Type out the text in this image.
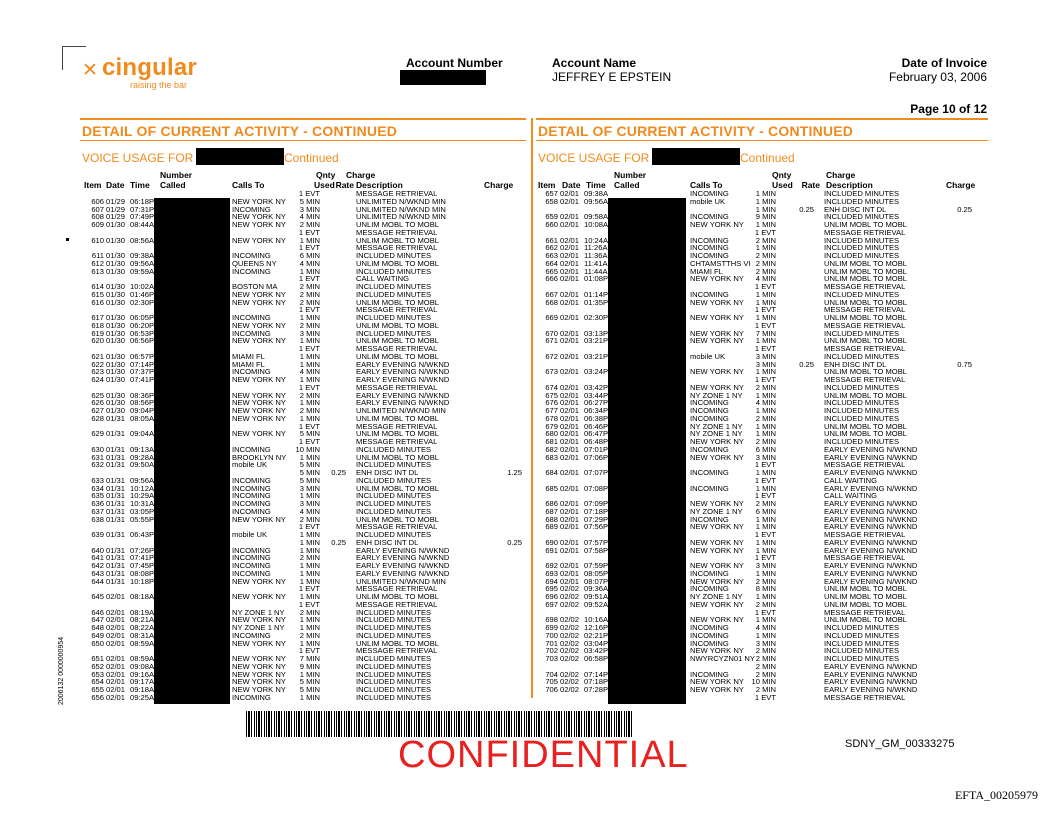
✕ cingular
raising the bar
Account Number	Account Name
JEFFREY E EPSTEIN
Date of Invoice
February 03, 2006
Page 10 of 12
DETAIL OF CURRENT ACTIVITY - CONTINUED
VOICE USAGE FOR	Continued
Number	Qnty Charge
Item Date Time Called	Calls To	Used Rate Description	Charge
DETAIL OF CURRENT ACTIVITY - CONTINUED
VOICE USAGE FOR	Continued
Number	Qnty	Charge
Item Date Time Called	Calls To	Used	Rate Description	Charge
1 EVT	MESSAGE RETRIEVAL
606 01/29 06:18P	NEW YORK NY	5 MIN	UNLIMITED N/WKND MIN
607 01/29 07:31P	INCOMING	3 MIN	UNLIMITED N/WKND MIN
608 01/29 07:49P	NEW YORK NY	4 MIN	UNLIMITED N/WKND MIN
609 01/30 08:44A	NEW YORK NY	2 MIN	UNLIM MOBL TO MOBL
1 EVT	MESSAGE RETRIEVAL
610 01/30 08:56A	NEW YORK NY	1 MIN	UNLIM MOBL TO MOBL
1 EVT	MESSAGE RETRIEVAL
611 01/30 09:38A	INCOMING	6 MIN	INCLUDED MINUTES
612 01/30 09:56A	QUEENS NY	4 MIN	UNLIM MOBL TO MOBL
613 01/30 09:59A	INCOMING	1 MIN	INCLUDED MINUTES
1 EVT	CALL WAITING
614 01/30 10:02A	BOSTON MA	2 MIN	INCLUDED MINUTES
615 01/30 01:46P	NEW YORK NY	2 MIN	INCLUDED MINUTES
616 01/30 02:30P	NEW YORK NY	2 MIN	UNLIM MOBL TO MOBL
1 EVT	MESSAGE RETRIEVAL
617 01/30 06:05P	INCOMING	1 MIN	INCLUDED MINUTES
618 01/30 06:20P	NEW YORK NY	2 MIN	UNLIM MOBL TO MOBL
619 01/30 06:53P	INCOMING	3 MIN	INCLUDED MINUTES
620 01/30 06:56P	NEW YORK NY	1 MIN	UNLIM MOBL TO MOBL
1 EVT	MESSAGE RETRIEVAL
621 01/30 06:57P	MIAMI FL	1 MIN	UNLIM MOBL TO MOBL
622 01/30 07:14P	MIAMI FL	1 MIN	EARLY EVENING N/WKND
623 01/30 07:37P	INCOMING	4 MIN	EARLY EVENING N/WKND
624 01/30 07:41P	NEW YORK NY	1 MIN	EARLY EVENING N/WKND
1 EVT	MESSAGE RETRIEVAL
625 01/30 08:36P	NEW YORK NY	2 MIN	EARLY EVENING N/WKND
626 01/30 08:56P	NEW YORK NY	1 MIN	EARLY EVENING N/WKND
627 01/30 09:04P	NEW YORK NY	2 MIN	UNLIMITED N/WKND MIN
628 01/31 08:05A	NEW YORK NY	1 MIN	UNLIM MOBL TO MOBL
1 EVT	MESSAGE RETRIEVAL
629 01/31 09:04A	NEW YORK NY	5 MIN	UNLIM MOBL TO MOBL
1 EVT	MESSAGE RETRIEVAL
630 01/31 09:13A	INCOMING	10 MIN	INCLUDED MINUTES
631 01/31 09:28A	BROOKLYN NY	1 MIN	UNLIM MOBL TO MOBL
632 01/31 09:50A	mobile UK	5 MIN	INCLUDED MINUTES
5 MIN	0.25 ENH DISC INT DL	1.25
633 01/31 09:56A	INCOMING	5 MIN	INCLUDED MINUTES
634 01/31 10:12A	INCOMING	3 MIN	UNLIM MOBL TO MOBL
635 01/31 10:29A	INCOMING	1 MIN	INCLUDED MINUTES
636 01/31 10:31A	INCOMING	3 MIN	INCLUDED MINUTES
637 01/31 03:05P	INCOMING	4 MIN	INCLUDED MINUTES
638 01/31 05:55P	NEW YORK NY	2 MIN	UNLIM MOBL TO MOBL
1 EVT	MESSAGE RETRIEVAL
639 01/31 06:43P	mobile UK	1 MIN	INCLUDED MINUTES
1 MIN	0.25 ENH DISC INT DL	0.25
640 01/31 07:26P	INCOMING	1 MIN	EARLY EVENING N/WKND
641 01/31 07:41P	INCOMING	2 MIN	EARLY EVENING N/WKND
642 01/31 07:45P	INCOMING	1 MIN	EARLY EVENING N/WKND
643 01/31 08:08P	INCOMING	1 MIN	EARLY EVENING N/WKND
644 01/31 10:18P	NEW YORK NY	1 MIN	UNLIMITED N/WKND MIN
1 EVT	MESSAGE RETRIEVAL
645 02/01 08:18A	NEW YORK NY	1 MIN	UNLIM MOBL TO MOBL
1 EVT	MESSAGE RETRIEVAL
646 02/01 08:19A	NY ZONE 1 NY	2 MIN	INCLUDED MINUTES
647 02/01 08:21A	NEW YORK NY	1 MIN	INCLUDED MINUTES
648 02/01 08:22A	NY ZONE 1 NY	1 MIN	INCLUDED MINUTES
649 02/01 08:31A	INCOMING	2 MIN	INCLUDED MINUTES
650 02/01 08:59A	NEW YORK NY	1 MIN	UNLIM MOBL TO MOBL
1 EVT	MESSAGE RETRIEVAL
651 02/01 08:59A	NEW YORK NY	7 MIN	INCLUDED MINUTES
652 02/01 09:08A	NEW YORK NY	9 MIN	INCLUDED MINUTES
653 02/01 09:16A	NEW YORK NY	1 MIN	INCLUDED MINUTES
654 02/01 09:17A	NEW YORK NY	5 MIN	INCLUDED MINUTES
655 02/01 09:18A	NEW YORK NY	5 MIN	INCLUDED MINUTES
656 02/01 09:25A	INCOMING	1 MIN	INCLUDED MINUTES
657 02/01 09:38A	INCOMING	1 MIN	INCLUDED MINUTES
658 02/01 09:56A	mobile UK	1 MIN	INCLUDED MINUTES
1 MIN	0.25 ENH DISC INT DL	0.25
659 02/01 09:58A	INCOMING	9 MIN	INCLUDED MINUTES
660 02/01 10:08A	NEW YORK NY	1 MIN	UNLIM MOBL TO MOBL
1 EVT	MESSAGE RETRIEVAL
661 02/01 10:24A	INCOMING	2 MIN	INCLUDED MINUTES
662 02/01 11:26A	INCOMING	1 MIN	INCLUDED MINUTES
663 02/01 11:36A	INCOMING	2 MIN	INCLUDED MINUTES
664 02/01 11:41A	CHTAMSTTHS VI 2 MIN	UNLIM MOBL TO MOBL
665 02/01 11:44A	MIAMI FL	2 MIN	UNLIM MOBL TO MOBL
666 02/01 01:08P	NEW YORK NY	4 MIN	UNLIM MOBL TO MOBL
1 EVT	MESSAGE RETRIEVAL
667 02/01 01:14P	INCOMING	1 MIN	INCLUDED MINUTES
668 02/01 01:35P	NEW YORK NY	1 MIN	UNLIM MOBL TO MOBL
1 EVT	MESSAGE RETRIEVAL
669 02/01 02:30P	NEW YORK NY	1 MIN	UNLIM MOBL TO MOBL
1 EVT	MESSAGE RETRIEVAL
670 02/01 03:13P	NEW YORK NY	7 MIN	INCLUDED MINUTES
671 02/01 03:21P	NEW YORK NY	1 MIN	UNLIM MOBL TO MOBL
1 EVT	MESSAGE RETRIEVAL
672 02/01 03:21P	mobile UK	3 MIN	INCLUDED MINUTES
3 MIN	0.25 ENH DISC INT DL	0.75
673 02/01 03:24P	NEW YORK NY	1 MIN	UNLIM MOBL TO MOBL
1 EVT	MESSAGE RETRIEVAL
674 02/01 03:42P	NEW YORK NY	2 MIN	INCLUDED MINUTES
675 02/01 03:44P	NY ZONE 1 NY	1 MIN	UNLIM MOBL TO MOBL
676 02/01 06:27P	INCOMING	4 MIN	INCLUDED MINUTES
677 02/01 06:34P	INCOMING	1 MIN	INCLUDED MINUTES
678 02/01 06:38P	INCOMING	2 MIN	INCLUDED MINUTES
679 02/01 06:46P	NY ZONE 1 NY	1 MIN	UNLIM MOBL TO MOBL
680 02/01 06:47P	NY ZONE 1 NY	1 MIN	UNLIM MOBL TO MOBL
681 02/01 06:48P	NEW YORK NY	2 MIN	INCLUDED MINUTES
682 02/01 07:01P	INCOMING	6 MIN	EARLY EVENING N/WKND
683 02/01 07:06P	NEW YORK NY	3 MIN	EARLY EVENING N/WKND
1 EVT	MESSAGE RETRIEVAL
684 02/01 07:07P	INCOMING	1 MIN	EARLY EVENING N/WKND
1 EVT	CALL WAITING
685 02/01 07:08P	INCOMING	1 MIN	EARLY EVENING N/WKND
1 EVT	CALL WAITING
686 02/01 07:09P	NEW YORK NY	2 MIN	EARLY EVENING N/WKND
687 02/01 07:18P	NY ZONE 1 NY	6 MIN	EARLY EVENING N/WKND
688 02/01 07:29P	INCOMING	1 MIN	EARLY EVENING N/WKND
689 02/01 07:56P	NEW YORK NY	1 MIN	EARLY EVENING N/WKND
1 EVT	MESSAGE RETRIEVAL
690 02/01 07:57P	NEW YORK NY	1 MIN	EARLY EVENING N/WKND
691 02/01 07:58P	NEW YORK NY	1 MIN	EARLY EVENING N/WKND
1 EVT	MESSAGE RETRIEVAL
692 02/01 07:59P	NEW YORK NY	3 MIN	EARLY EVENING N/WKND
693 02/01 08:05P	INCOMING	1 MIN	EARLY EVENING N/WKND
694 02/01 08:07P	NEW YORK NY	2 MIN	EARLY EVENING N/WKND
695 02/02 09:36A	INCOMING	8 MIN	UNLIM MOBL TO MOBL
696 02/02 09:51A	NY ZONE 1 NY	1 MIN	UNLIM MOBL TO MOBL
697 02/02 09:52A	NEW YORK NY	2 MIN	UNLIM MOBL TO MOBL
1 EVT	MESSAGE RETRIEVAL
698 02/02 10:16A	NEW YORK NY	1 MIN	UNLIM MOBL TO MOBL
699 02/02 12:16P	INCOMING	4 MIN	INCLUDED MINUTES
700 02/02 02:21P	INCOMING	1 MIN	INCLUDED MINUTES
701 02/02 03:04P	INCOMING	3 MIN	INCLUDED MINUTES
702 02/02 03:42P	NEW YORK NY	2 MIN	INCLUDED MINUTES
703 02/02 06:58P	NWYRCYZN01 NY 2 MIN	INCLUDED MINUTES
2 MIN	EARLY EVENING N/WKND
704 02/02 07:14P	INCOMING	2 MIN	EARLY EVENING N/WKND
705 02/02 07:18P	NEW YORK NY	10 MIN	EARLY EVENING N/WKND
706 02/02 07:28P	NEW YORK NY	2 MIN	EARLY EVENING N/WKND
1 EVT	MESSAGE RETRIEVAL
2006132 0000000954
CONFIDENTIAL	SDNY_GM_00333275
EFTA_00205979
